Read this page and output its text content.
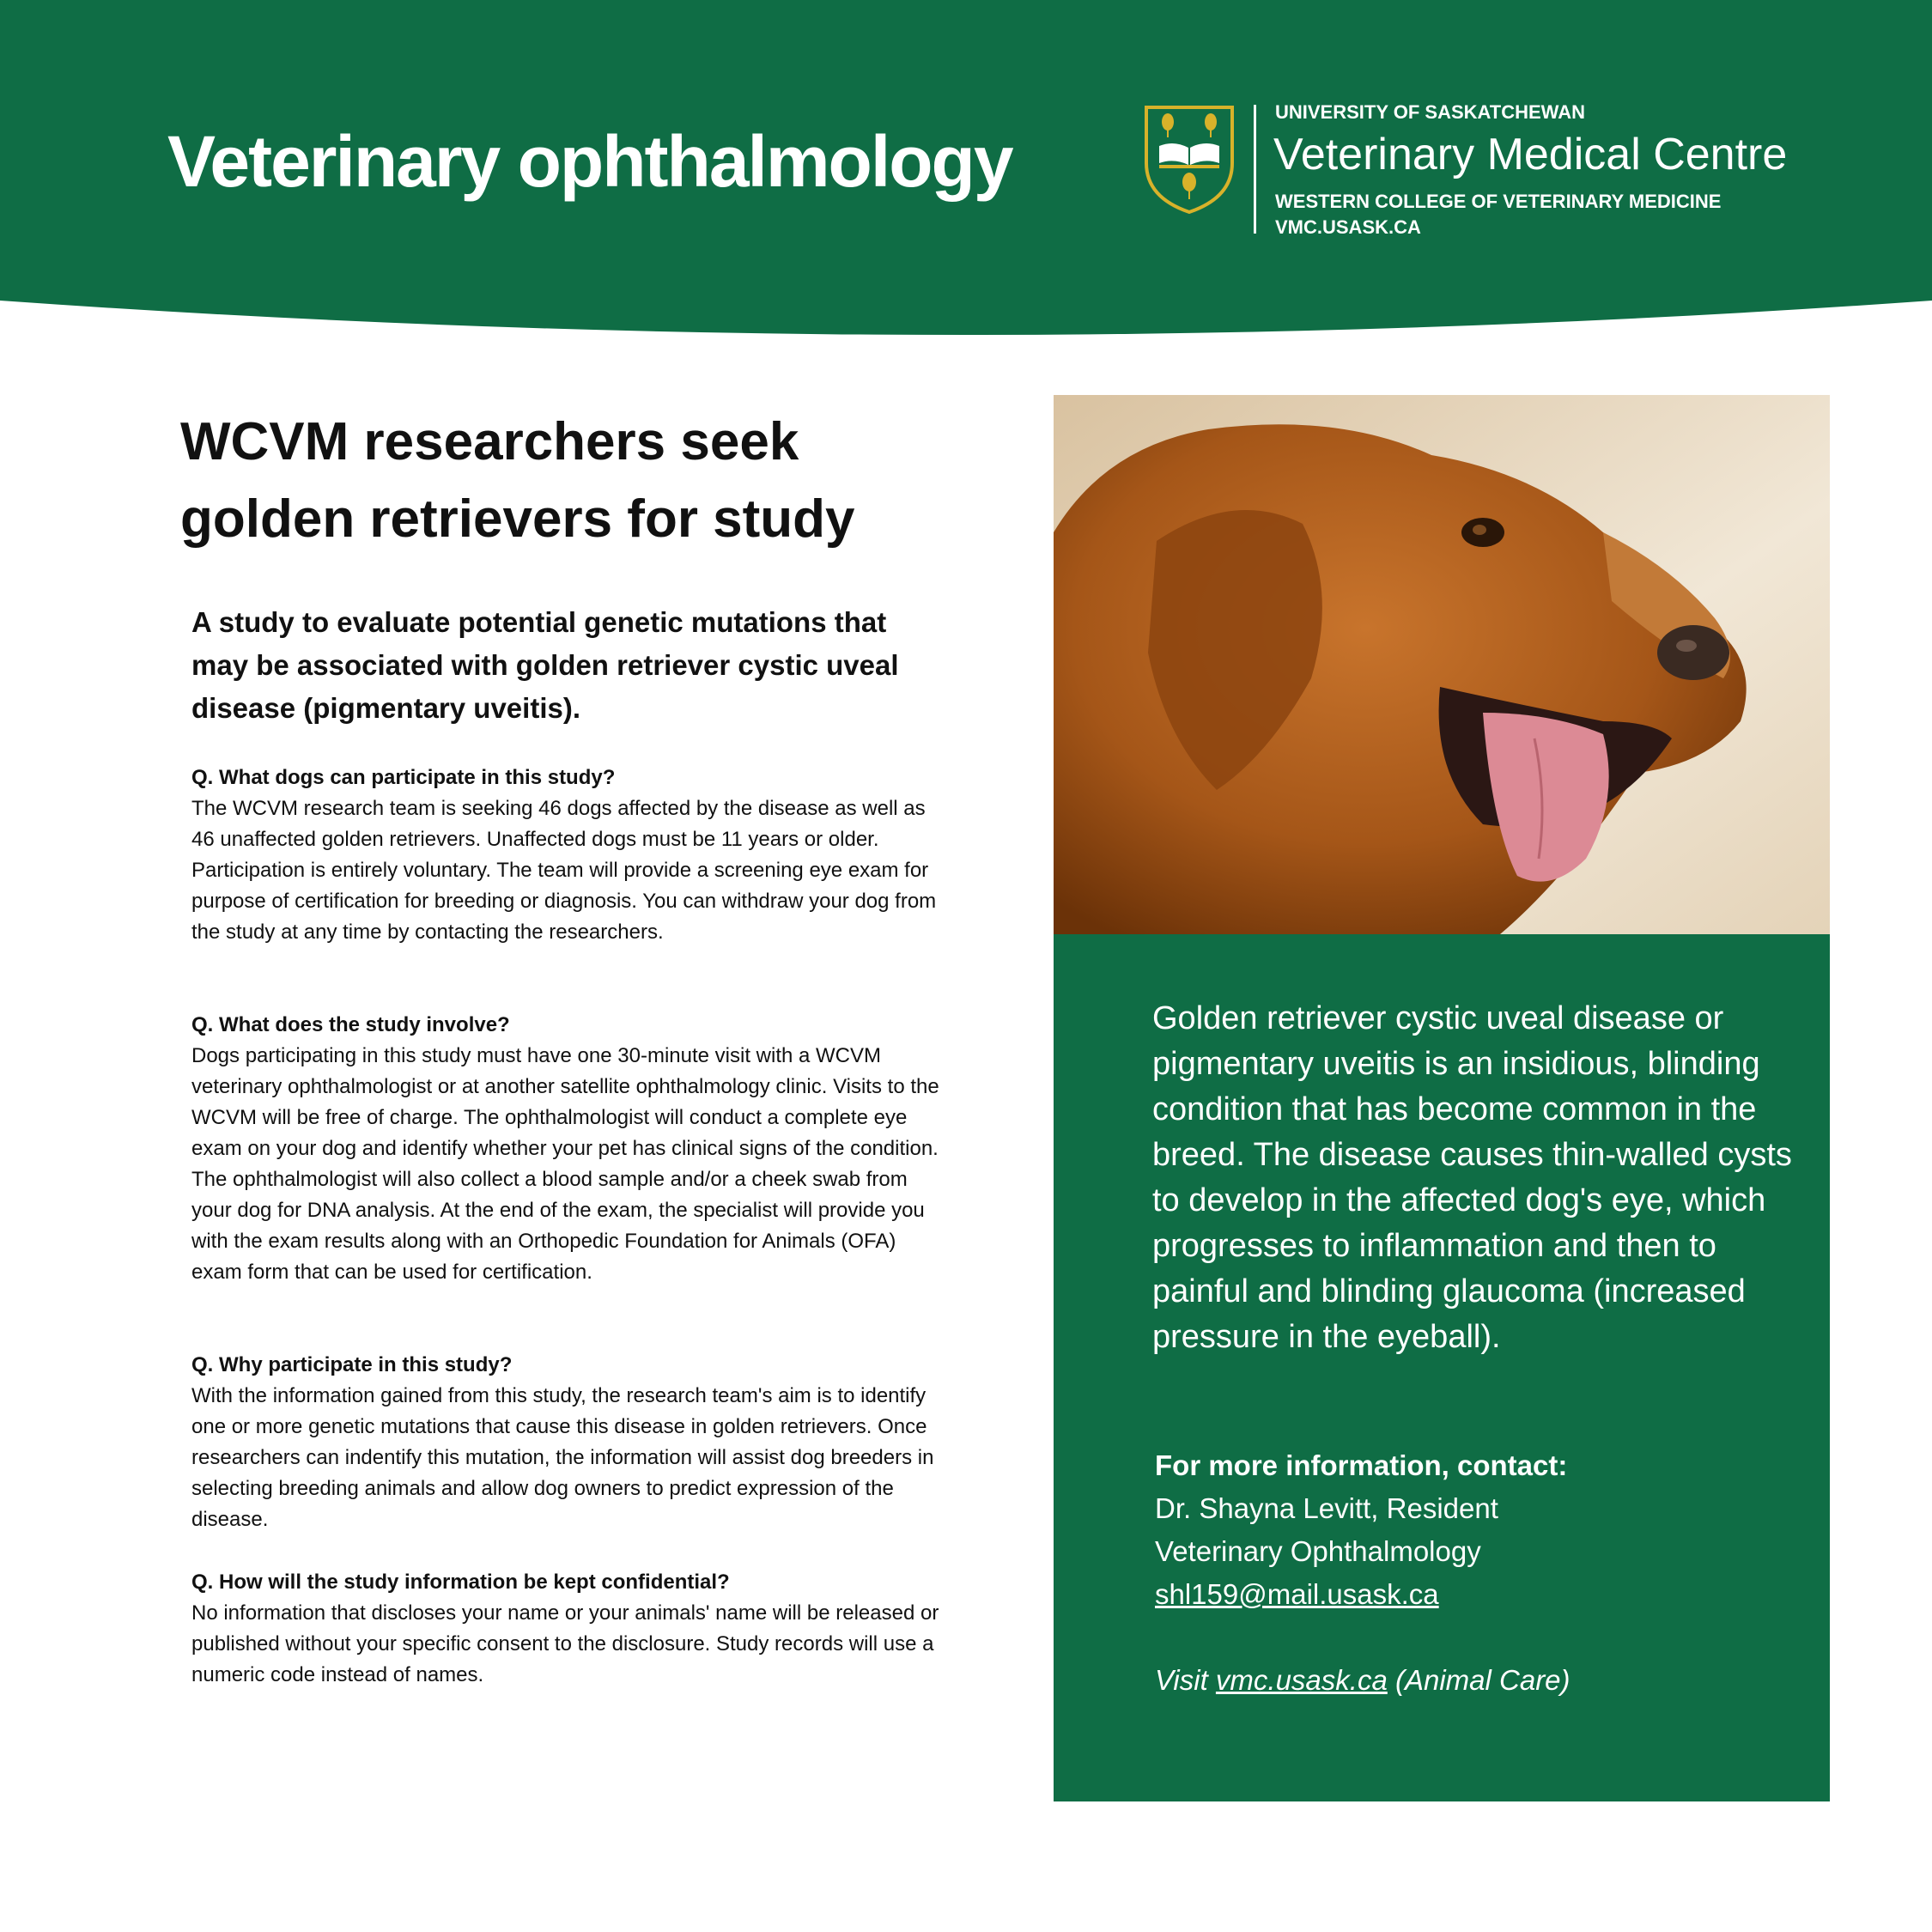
Veterinary ophthalmology
UNIVERSITY OF SASKATCHEWAN
Veterinary Medical Centre
WESTERN COLLEGE OF VETERINARY MEDICINE
VMC.USASK.CA
WCVM researchers seek golden retrievers for study

A study to evaluate potential genetic mutations that may be associated with golden retriever cystic uveal disease (pigmentary uveitis).

Q. What dogs can participate in this study?

The WCVM research team is seeking 46 dogs affected by the disease as well as 46 unaffected golden retrievers. Unaffected dogs must be 11 years or older. Participation is entirely voluntary. The team will provide a screening eye exam for purpose of certification for breeding or diagnosis. You can withdraw your dog from the study at any time by contacting the researchers.

Q. What does the study involve?

Dogs participating in this study must have one 30-minute visit with a WCVM veterinary ophthalmologist or at another satellite ophthalmology clinic. Visits to the WCVM will be free of charge. The ophthalmologist will conduct a complete eye exam on your dog and identify whether your pet has clinical signs of the condition. The ophthalmologist will also collect a blood sample and/or a cheek swab from your dog for DNA analysis. At the end of the exam, the specialist will provide you with the exam results along with an Orthopedic Foundation for Animals (OFA) exam form that can be used for certification.

Q. Why participate in this study?

With the information gained from this study, the research team's aim is to identify one or more genetic mutations that cause this disease in golden retrievers. Once researchers can indentify this mutation, the information will assist dog breeders in selecting breeding animals and allow dog owners to predict expression of the disease.

Q. How will the study information be kept confidential?

No information that discloses your name or your animals' name will be released or published without your specific consent to the disclosure. Study records will use a numeric code instead of names.

Golden retriever cystic uveal disease or pigmentary uveitis is an insidious, blinding condition that has become common in the breed. The disease causes thin-walled cysts to develop in the affected dog's eye, which progresses to inflammation and then to painful and blinding glaucoma (increased pressure in the eyeball).

For more information, contact:

Dr. Shayna Levitt, Resident

Veterinary Ophthalmology

shl159@mail.usask.ca

Visit vmc.usask.ca (Animal Care)
